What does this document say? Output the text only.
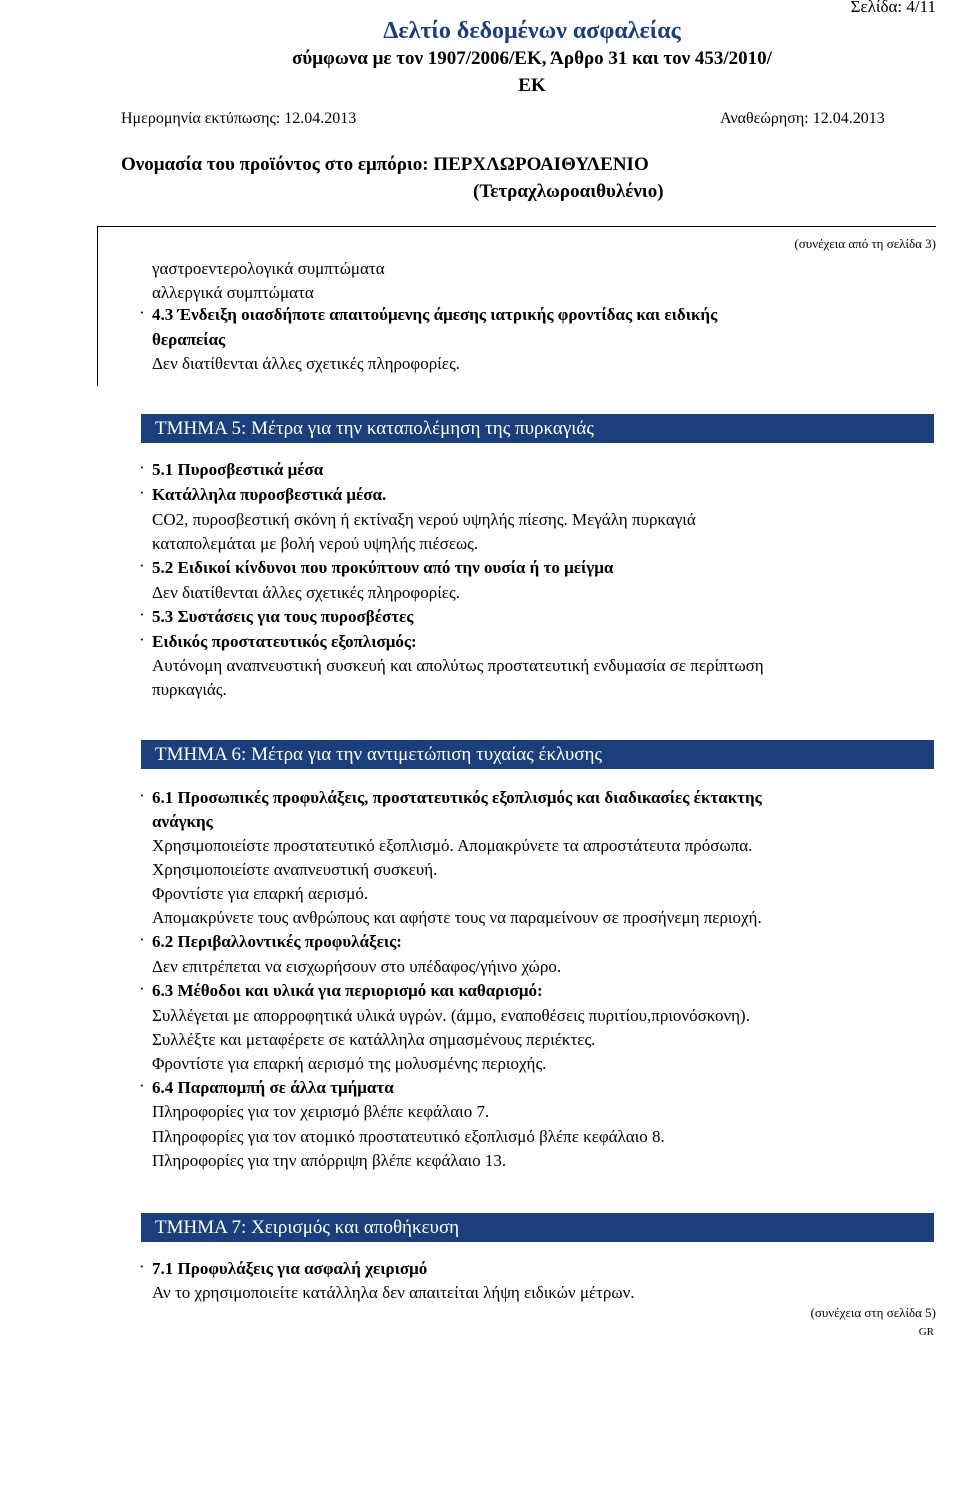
Σελίδα: 4/11
Δελτίο δεδομένων ασφαλείας
σύμφωνα με τον 1907/2006/ΕΚ, Άρθρο 31 και τον 453/2010/
ΕΚ
Ημερομηνία εκτύπωσης: 12.04.2013	Αναθεώρηση: 12.04.2013
Ονομασία του προϊόντος στο εμπόριο: ΠΕΡΧΛΩΡΟΑΙΘΥΛΕΝΙΟ
(Τετραχλωροαιθυλένιο)
(συνέχεια από τη σελίδα 3)
γαστροεντερολογικά συμπτώματα
αλλεργικά συμπτώματα
· 4.3 Ένδειξη οιασδήποτε απαιτούμενης άμεσης ιατρικής φροντίδας και ειδικής
θεραπείας
Δεν διατίθενται άλλες σχετικές πληροφορίες.
ΤΜΗΜΑ 5: Μέτρα για την καταπολέμηση της πυρκαγιάς
· 5.1 Πυροσβεστικά μέσα
· Κατάλληλα πυροσβεστικά μέσα.
CO2, πυροσβεστική σκόνη ή εκτίναξη νερού υψηλής πίεσης. Μεγάλη πυρκαγιά
καταπολεμάται με βολή νερού υψηλής πιέσεως.
· 5.2 Ειδικοί κίνδυνοι που προκύπτουν από την ουσία ή το μείγμα
Δεν διατίθενται άλλες σχετικές πληροφορίες.
· 5.3 Συστάσεις για τους πυροσβέστες
· Ειδικός προστατευτικός εξοπλισμός:
Αυτόνομη αναπνευστική συσκευή και απολύτως προστατευτική ενδυμασία σε περίπτωση
πυρκαγιάς.
ΤΜΗΜΑ 6: Μέτρα για την αντιμετώπιση τυχαίας έκλυσης
· 6.1 Προσωπικές προφυλάξεις, προστατευτικός εξοπλισμός και διαδικασίες έκτακτης
ανάγκης
Χρησιμοποιείστε προστατευτικό εξοπλισμό. Απομακρύνετε τα απροστάτευτα πρόσωπα.
Χρησιμοποιείστε αναπνευστική συσκευή.
Φροντίστε για επαρκή αερισμό.
Απομακρύνετε τους ανθρώπους και αφήστε τους να παραμείνουν σε προσήνεμη περιοχή.
· 6.2 Περιβαλλοντικές προφυλάξεις:
Δεν επιτρέπεται να εισχωρήσουν στο υπέδαφος/γήινο χώρο.
· 6.3 Μέθοδοι και υλικά για περιορισμό και καθαρισμό:
Συλλέγεται με απορροφητικά υλικά υγρών. (άμμο, εναποθέσεις πυριτίου,πριονόσκονη).
Συλλέξτε και μεταφέρετε σε κατάλληλα σημασμένους περιέκτες.
Φροντίστε για επαρκή αερισμό της μολυσμένης περιοχής.
· 6.4 Παραπομπή σε άλλα τμήματα
Πληροφορίες για τον χειρισμό βλέπε κεφάλαιο 7.
Πληροφορίες για τον ατομικό προστατευτικό εξοπλισμό βλέπε κεφάλαιο 8.
Πληροφορίες για την απόρριψη βλέπε κεφάλαιο 13.
ΤΜΗΜΑ 7: Χειρισμός και αποθήκευση
· 7.1 Προφυλάξεις για ασφαλή χειρισμό
Αν το χρησιμοποιείτε κατάλληλα δεν απαιτείται λήψη ειδικών μέτρων.
(συνέχεια στη σελίδα 5)
GR
